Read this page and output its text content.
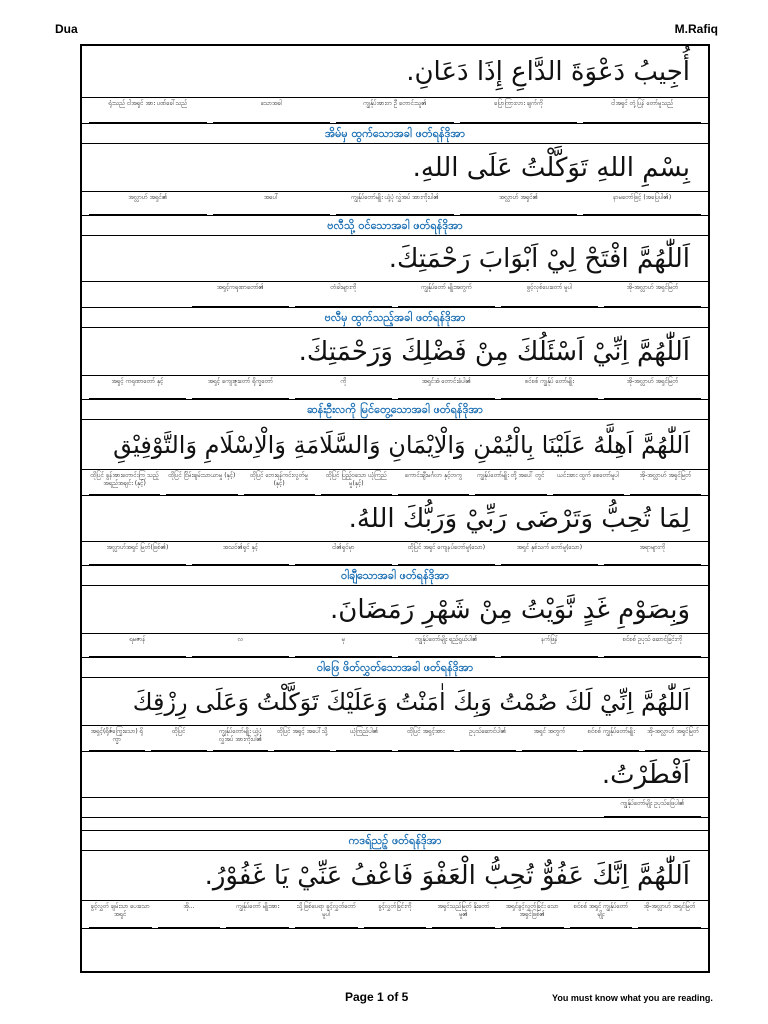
Dua	M.Rafiq
أُجِيبُ دَعْوَةَ الدَّاعِ إِذَا دَعَانِ.
ငါအရှင် တုံ့ပြန် တော်မူသည်
ပြောကြားလား ချက်ကို
ကျွန်ုပ်အားတ ဦ တောင်းသူ၏
သောအခါ
ရုံးသည် ငါအရှင် အား ပဏ်ခေါ်သည်
အိမ်မှ ထွက်သောအခါ ဖတ်ရန်ဒိုအာ
بِسْمِ اللهِ تَوَكَّلْتُ عَلَى اللهِ.
နာမတော်ဖြင့် (အပြေပါ၏)
အလ္လာဟ် အရှင်၏
ကျွန်ုပ်တော်မျိုး ယုံ့ပုံ လွှဲအပ် အားကိုးပါ၏
အပေါ်
အလ္လာဟ် အရှင်၏
ဗလီသို့ ဝင်သောအခါ ဖတ်ရန်ဒိုအာ
اَللّٰهُمَّ افْتَحْ لِيْ اَبْوَابَ رَحْمَتِكَ.
အို-အလ္လာဟ် အရှင်မြတ်
ဖွင့်လှစ်ပေးတော် မူပါ
ကျွန်ုပ်တော် မျိုးအတွက်
တံခါးများကို
အရှင့်ကရုဏာတော်၏
ဗလီမှ ထွက်သည့်အခါ ဖတ်ရန်ဒိုအာ
اَللّٰهُمَّ اِنِّيْ اَسْئَلُكَ مِنْ فَضْلِكَ وَرَحْمَتِكَ.
အို-အလ္လာဟ် အရှင်မြတ်
စင်စစ် ကျွန်ုပ် တော်မျိုး
အရှင်အံ တောင်းခံပါ၏
ကို
အရှင့် ကျေးဇူးတော် ရိုက္ခတော်
အရှင့် ကရုဏာတော် နှင့်
ဆန်းဦးလကို မြင်တွေ့သောအခါ ဖတ်ရန်ဒိုအာ
اَللّٰهُمَّ اَهِلَّهُ عَلَيْنَا بِالْيُمْنِ وَالْاِيْمَانِ وَالسَّلَامَةِ وَالْاِسْلَامِ وَالتَّوْفِيْقِ
အို-အလ္လာဟ် အရှင်မြတ်
ယင်းအား ထွက် စေတော်မူပါ
ကျွန်ုပ်တော်မျိုး တို့ အပေါ် တွင်
ကောင်းချီးမင်္ဂလာ နှင့်တကွ
ထိုပြင် ပြည့်ဝသော ယုံကြည်မှု(နှင့်)
ထိုပြင် ဘေးရန်ကင်းလွတ်မှု (နှင့်)
ထိုပြင် ငြိမ်းချမ်းသာယာမှု (နှင့်)
ထိုပြင် ခွန်အားတောင်းကြ သည့်အရည်အချင်း (နှင့်)
لِمَا تُحِبُّ وَتَرْضَى رَبِّيْ وَرَبُّكَ اللهُ.
အရာများကို
အရှင် နှစ်သက် တော်မူ(သော)
ထိုပြင် အရှင် ကျေနပ်တော်မူ(သော)
ငါ၏ရှင်မှာ
အသင်၏ရှင် နှင့်
အလ္လာဟ်အရှင် မြတ်(ဖြစ်၏)
ဝါချီသောအခါ ဖတ်ရန်ဒိုအာ
وَبِصَوْمِ غَدٍ نَّوَيْتُ مِنْ شَهْرِ رَمَضَانَ.
စင်စစ် ဥပုသ် ဆောင်ခြင်းကို
နက်ဖြန်
ကျွန်ုပ်တော်မျိုး ရည်ရွယ်ပါ၏
မှ
လ
ရမဇာန်
ဝါဖြေ ဖိတ်လွှတ်သောအခါ ဖတ်ရန်ဒိုအာ
اَللّٰهُمَّ اِنِّيْ لَكَ صُمْتُ وَبِكَ اٰمَنْتُ وَعَلَيْكَ تَوَكَّلْتُ وَعَلَى رِزْقِكَ
အို-အလ္လာဟ် အရှင်မြတ်
စင်စစ် ကျွန်ုပ်တော်မျိုး
အရှင် အတွက်
ဥပုသ်ဆောင်ပါ၏
ထိုပြင် အရှင့်အား
ယုံကြည်ပါ၏
ထိုပြင် အရှင့် အပေါ်သို့
ကျွန်ုပ်တော်မျိုး ယုံ့ပုံ လွှဲအပ် အားကိုးပါ၏
ထိုပြင်
အရှင့်(ရိုဇ်ကြွေးသော) ရိုက္ခာ
اَفْطَرْتُ.
ကျွန်ုပ်တော်မျိုး ဥပုသ်ဖြေပါ၏
ကဒရ်ညဉ့် ဖတ်ရန်ဒိုအာ
اَللّٰهُمَّ اِنَّكَ عَفُوٌّ تُحِبُّ الْعَفْوَ فَاعْفُ عَنِّيْ يَا غَفُوْرُ.
အို-အလ္လာဟ် အရှင်မြတ်
စင်စစ် အရှင် ကျွန်ုပ်တော်မျိုး
အရှင်ခွင့်လွှတ်ခြင်း သောအရှင်ဖြစ်၏
အရှင်သည်မြတ် နိုးတော်မူ၏
ခွင့်လွှတ်ခြင်းကို
သို့ဖြစ်ပေရာ ခွင့်လွှတ်တော်မူပါ
ကျွန်ုပ်တော် မျိုးအား
အို...
ခွင့်လွှတ် ချမ်းသာ ပေးသောအရှင်
Page 1 of 5	You must know what you are reading.
